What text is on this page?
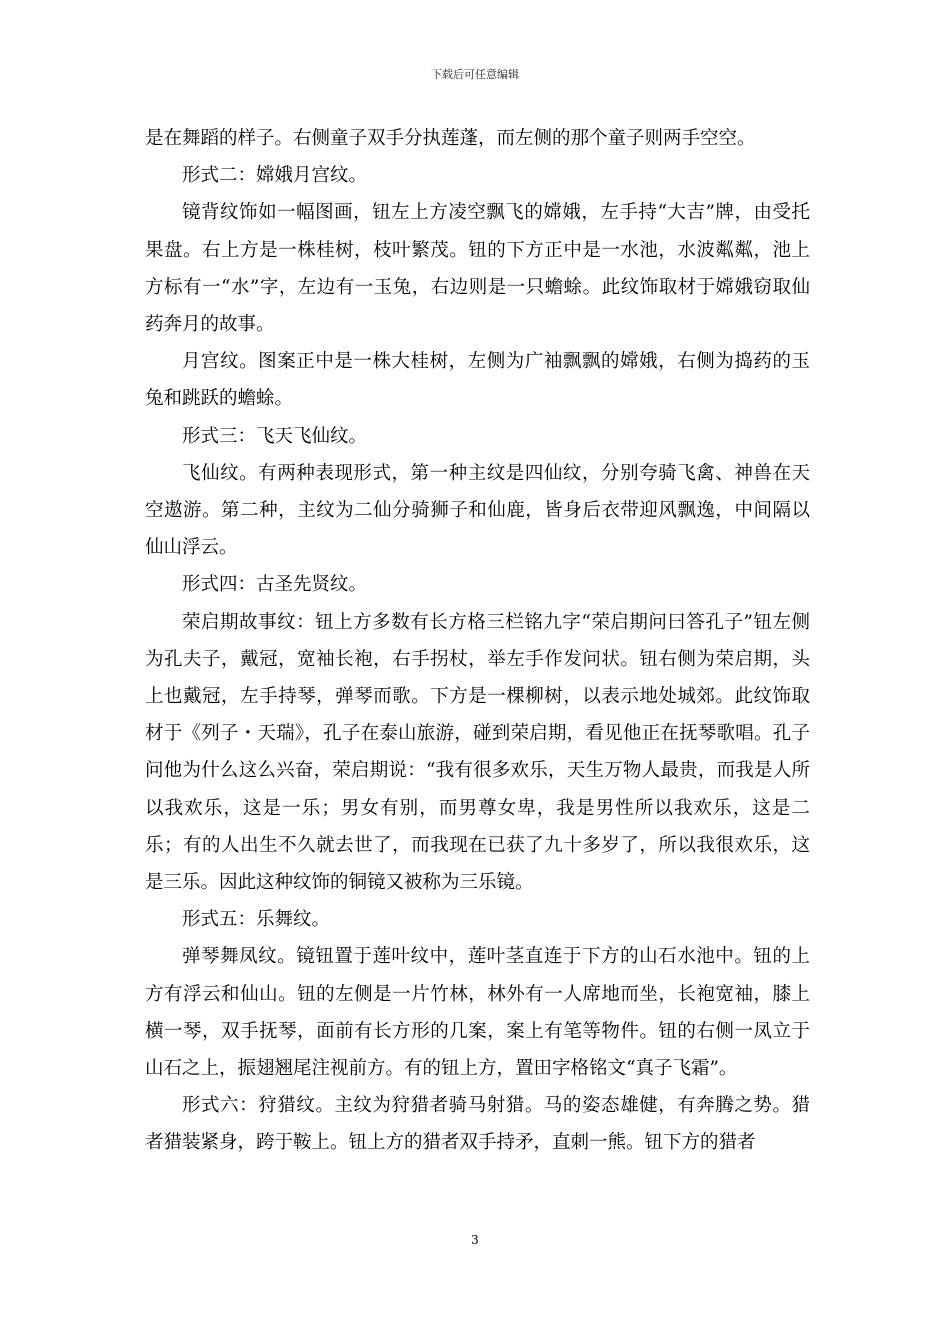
下载后可任意编辑

是在舞蹈的样子。右侧童子双手分执莲蓬，而左侧的那个童子则两手空空。

形式二：嫦娥月宫纹。

镜背纹饰如一幅图画，钮左上方凌空飘飞的嫦娥，左手持“大吉”牌，由受托果盘。右上方是一株桂树，枝叶繁茂。钮的下方正中是一水池，水波粼粼，池上方标有一“水”字，左边有一玉兔，右边则是一只蟾蜍。此纹饰取材于嫦娥窃取仙药奔月的故事。

月宫纹。图案正中是一株大桂树，左侧为广袖飘飘的嫦娥，右侧为捣药的玉兔和跳跃的蟾蜍。

形式三：飞天飞仙纹。

飞仙纹。有两种表现形式，第一种主纹是四仙纹，分别夸骑飞禽、神兽在天空遨游。第二种，主纹为二仙分骑狮子和仙鹿，皆身后衣带迎风飘逸，中间隔以仙山浮云。

形式四：古圣先贤纹。

荣启期故事纹：钮上方多数有长方格三栏铭九字“荣启期问曰答孔子”钮左侧为孔夫子，戴冠，宽袖长袍，右手拐杖，举左手作发问状。钮右侧为荣启期，头上也戴冠，左手持琴，弹琴而歌。下方是一棵柳树，以表示地处城郊。此纹饰取材于《列子・天瑞》，孔子在泰山旅游，碰到荣启期，看见他正在抚琴歌唱。孔子问他为什么这么兴奋，荣启期说：“我有很多欢乐，天生万物人最贵，而我是人所以我欢乐，这是一乐；男女有别，而男尊女卑，我是男性所以我欢乐，这是二乐；有的人出生不久就去世了，而我现在已获了九十多岁了，所以我很欢乐，这是三乐。因此这种纹饰的铜镜又被称为三乐镜。

形式五：乐舞纹。

弹琴舞凤纹。镜钮置于莲叶纹中，莲叶茎直连于下方的山石水池中。钮的上方有浮云和仙山。钮的左侧是一片竹林，林外有一人席地而坐，长袍宽袖，膝上横一琴，双手抚琴，面前有长方形的几案，案上有笔等物件。钮的右侧一凤立于山石之上，振翅翘尾注视前方。有的钮上方，置田字格铭文“真子飞霜”。

形式六：狩猎纹。主纹为狩猎者骑马射猎。马的姿态雄健，有奔腾之势。猎者猎装紧身，跨于鞍上。钮上方的猎者双手持矛，直刺一熊。钮下方的猎者

3
